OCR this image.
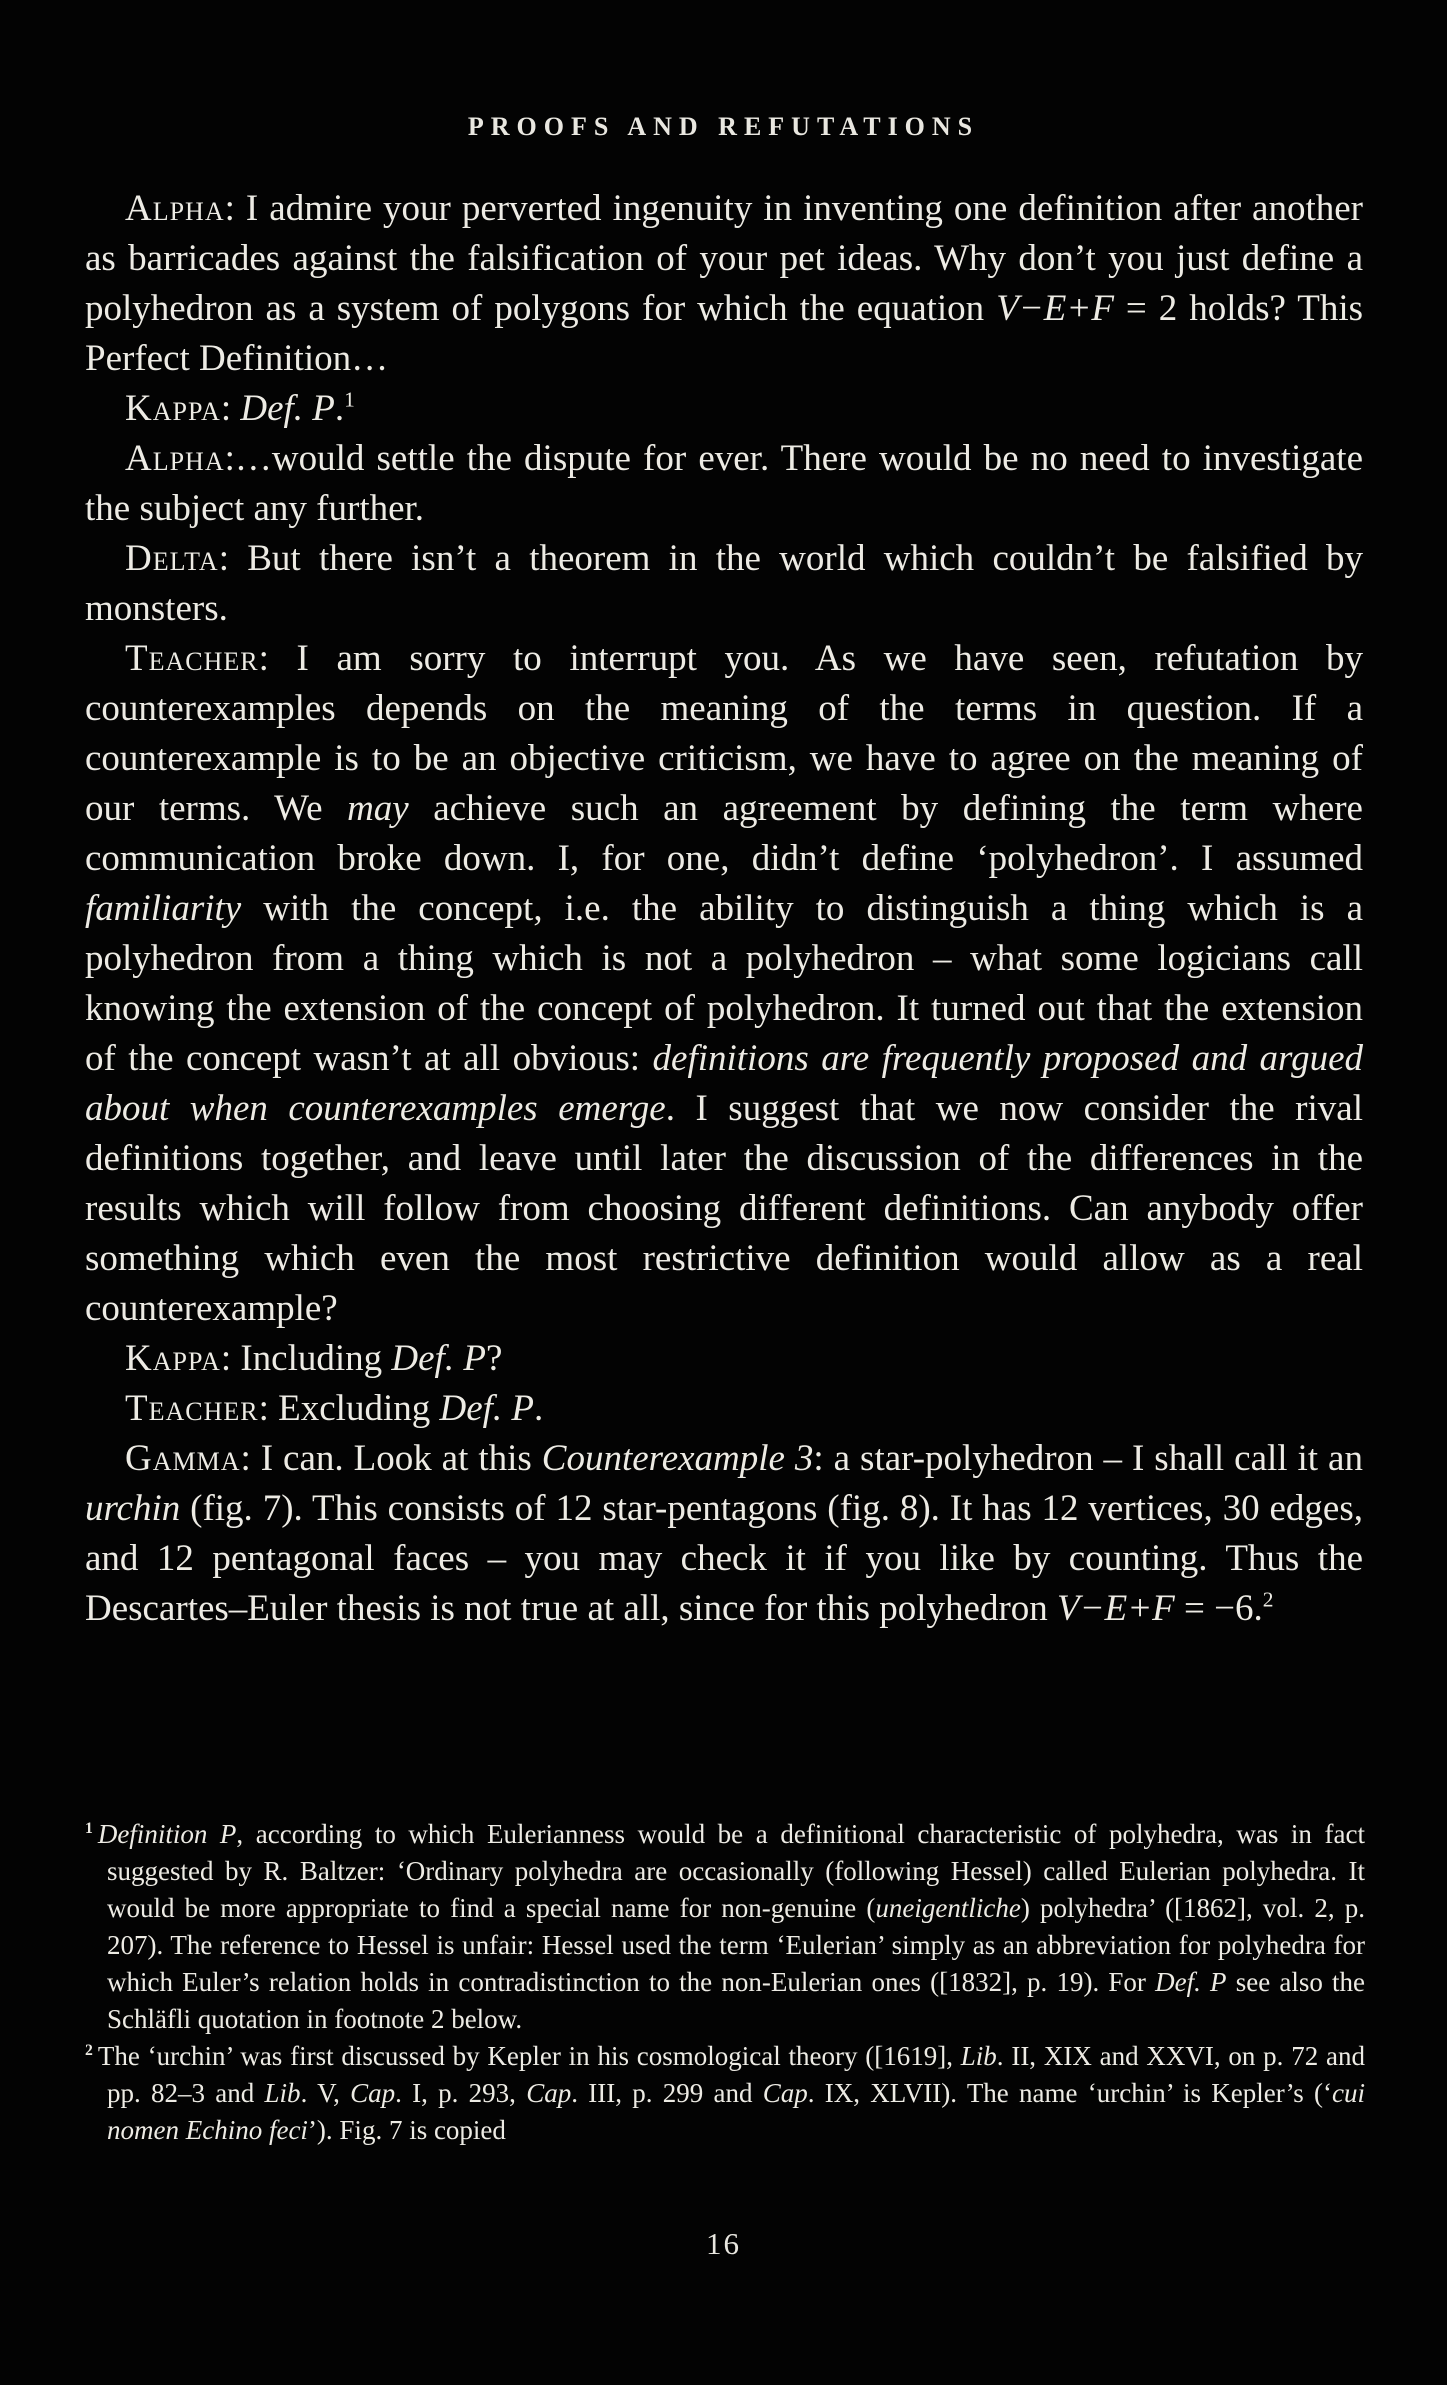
PROOFS AND REFUTATIONS

Alpha: I admire your perverted ingenuity in inventing one definition after another as barricades against the falsification of your pet ideas. Why don’t you just define a polyhedron as a system of polygons for which the equation V−E+F = 2 holds? This Perfect Definition…

Kappa: Def. P.$^1$

Alpha:…would settle the dispute for ever. There would be no need to investigate the subject any further.

Delta: But there isn’t a theorem in the world which couldn’t be falsified by monsters.

Teacher: I am sorry to interrupt you. As we have seen, refutation by counterexamples depends on the meaning of the terms in question. If a counterexample is to be an objective criticism, we have to agree on the meaning of our terms. We may achieve such an agreement by defining the term where communication broke down. I, for one, didn’t define ‘polyhedron’. I assumed familiarity with the concept, i.e. the ability to distinguish a thing which is a polyhedron from a thing which is not a polyhedron – what some logicians call knowing the extension of the concept of polyhedron. It turned out that the extension of the concept wasn’t at all obvious: definitions are frequently proposed and argued about when counterexamples emerge. I suggest that we now consider the rival definitions together, and leave until later the discussion of the differences in the results which will follow from choosing different definitions. Can anybody offer something which even the most restrictive definition would allow as a real counterexample?

Kappa: Including Def. P?

Teacher: Excluding Def. P.

Gamma: I can. Look at this Counterexample 3: a star-polyhedron – I shall call it an urchin (fig. 7). This consists of 12 star-pentagons (fig. 8). It has 12 vertices, 30 edges, and 12 pentagonal faces – you may check it if you like by counting. Thus the Descartes–Euler thesis is not true at all, since for this polyhedron V−E+F = −6.$^2$

$^1$ Definition P, according to which Eulerianness would be a definitional characteristic of polyhedra, was in fact suggested by R. Baltzer: ‘Ordinary polyhedra are occasionally (following Hessel) called Eulerian polyhedra. It would be more appropriate to find a special name for non-genuine (uneigentliche) polyhedra’ ([1862], vol. 2, p. 207). The reference to Hessel is unfair: Hessel used the term ‘Eulerian’ simply as an abbreviation for polyhedra for which Euler’s relation holds in contradistinction to the non-Eulerian ones ([1832], p. 19). For Def. P see also the Schläfli quotation in footnote 2 below.

$^2$ The ‘urchin’ was first discussed by Kepler in his cosmological theory ([1619], Lib. II, XIX and XXVI, on p. 72 and pp. 82–3 and Lib. V, Cap. I, p. 293, Cap. III, p. 299 and Cap. IX, XLVII). The name ‘urchin’ is Kepler’s (‘cui nomen Echino feci’). Fig. 7 is copied

16
